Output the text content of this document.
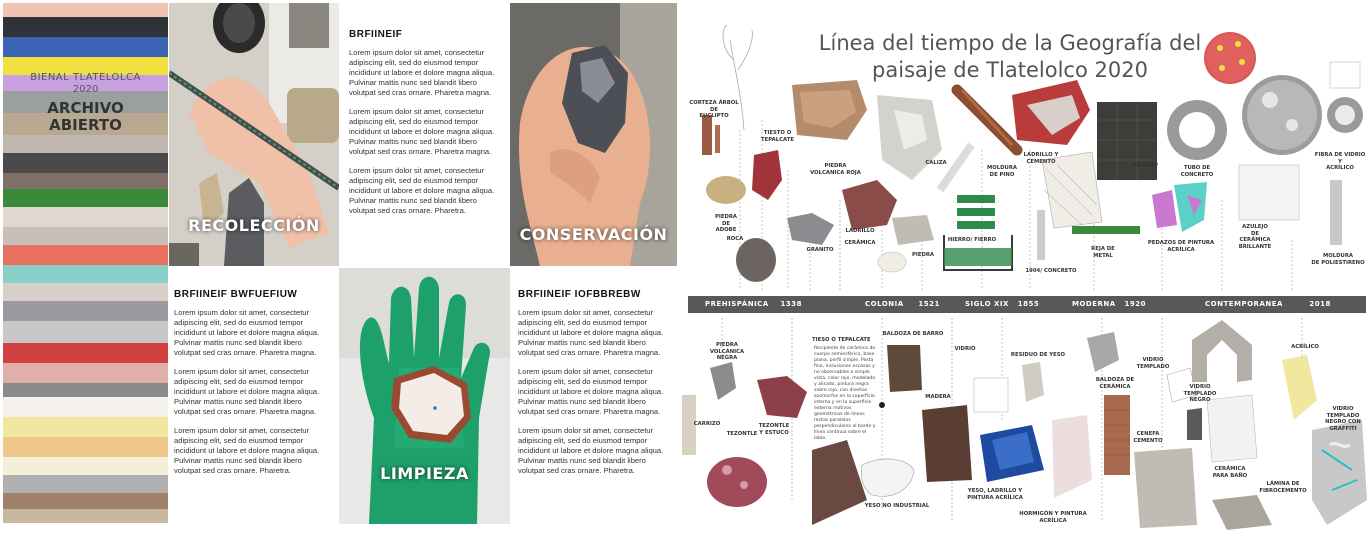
BIENAL TLATELOLCA
2020
ARCHIVO
ABIERTO
RECOLECCIÓN
BRFIINEIF

Lorem ipsum dolor sit amet, consectetur adipiscing elit, sed do eiusmod tempor incididunt ut labore et dolore magna aliqua. Pulvinar mattis nunc sed blandit libero volutpat sed cras ornare. Pharetra magna.

Lorem ipsum dolor sit amet, consectetur adipiscing elit, sed do eiusmod tempor incididunt ut labore et dolore magna aliqua. Pulvinar mattis nunc sed blandit libero volutpat sed cras ornare. Pharetra magna.

Lorem ipsum dolor sit amet, consectetur adipiscing elit, sed do eiusmod tempor incididunt ut labore et dolore magna aliqua. Pulvinar mattis nunc sed blandit libero volutpat sed cras ornare. Pharetra.

CONSERVACIÓN
BRFIINEIF BWFUEFIUW

Lorem ipsum dolor sit amet, consectetur adipiscing elit, sed do eiusmod tempor incididunt ut labore et dolore magna aliqua. Pulvinar mattis nunc sed blandit libero volutpat sed cras ornare. Pharetra magna.

Lorem ipsum dolor sit amet, consectetur adipiscing elit, sed do eiusmod tempor incididunt ut labore et dolore magna aliqua. Pulvinar mattis nunc sed blandit libero volutpat sed cras ornare. Pharetra magna.

Lorem ipsum dolor sit amet, consectetur adipiscing elit, sed do eiusmod tempor incididunt ut labore et dolore magna aliqua. Pulvinar mattis nunc sed blandit libero volutpat sed cras ornare. Pharetra.	LIMPIEZA
BRFIINEIF IOFBBREBW

Lorem ipsum dolor sit amet, consectetur adipiscing elit, sed do eiusmod tempor incididunt ut labore et dolore magna aliqua. Pulvinar mattis nunc sed blandit libero volutpat sed cras ornare. Pharetra magna.

Lorem ipsum dolor sit amet, consectetur adipiscing elit, sed do eiusmod tempor incididunt ut labore et dolore magna aliqua. Pulvinar mattis nunc sed blandit libero volutpat sed cras ornare. Pharetra magna.

Lorem ipsum dolor sit amet, consectetur adipiscing elit, sed do eiusmod tempor incididunt ut labore et dolore magna aliqua. Pulvinar mattis nunc sed blandit libero volutpat sed cras ornare. Pharetra.

Línea del tiempo de la Geografía del
paisaje de Tlatelolco 2020
CORTEZA ÁRBOL DE
EUCLIPTO
TIESTO O
TEPALCATE
PIEDRA
VOLCANICA ROJA
PIEDRA
DE
ADOBE
ROCA
LADRILLO
CERÁMICA
GRANITO
CALIZA
PIEDRA
HIERRO/ FIERRO
MOLDURA
DE PINO
LADRILLO Y
CEMENTO
1904/ CONCRETO
REJA DE
METAL
AZULEJO	TUBO DE
CONCRETO
PEDAZOS DE PINTURA
ACRÍLICA
AZULEJO
DE
CERÁMICA
BRILLANTE
FIBRA DE VIDRIO Y
ACRÍLICO
MOLDURA
DE POLIESTIRENO
PREHISPÁNICA 1338	COLONIA 1521	SIGLO XIX 1855	MODERNA 1920	CONTEMPORANEA	2018
PIEDRA
VOLCÁNICA
NEGRA
CARRIZO
TEZONTLE
TEZONTLE
Y ESTUCO
TIESO O TEPALCATE
BALDOZA DE BARRO
MADERA
YESO NO INDUSTRIAL
VIDRIO
RESIDUO DE YESO
YESO, LADRILLO Y
PINTURA ACRÍLICA
HORMIGÓN Y PINTURA
ACRÍLICA
BALDOZA DE
CERÁMICA
VIDRIO
TEMPLADO
CENEFA
CEMENTO
VIDRIO
TEMPLADO
NEGRO
CERÁMICA
PARA BAÑO
LÁMINA DE
FIBROCEMENTO
ACRÍLICO
VIDRIO
TEMPLADO
NEGRO CON
GRAFFITI
Recipiente de cerámica de cuerpo semiesférico, base plana, perfil simple. Pasta fina, inclusiones escasas y no observables a simple vista, color rojo, modelado y alisado, pintura negra sobre rojo, con diseños zoomorfos en la superficie interna y en la superficie externa motivos geométricos de líneas rectas paralelas perpendiculares al borde y línea continua sobre el labio.
